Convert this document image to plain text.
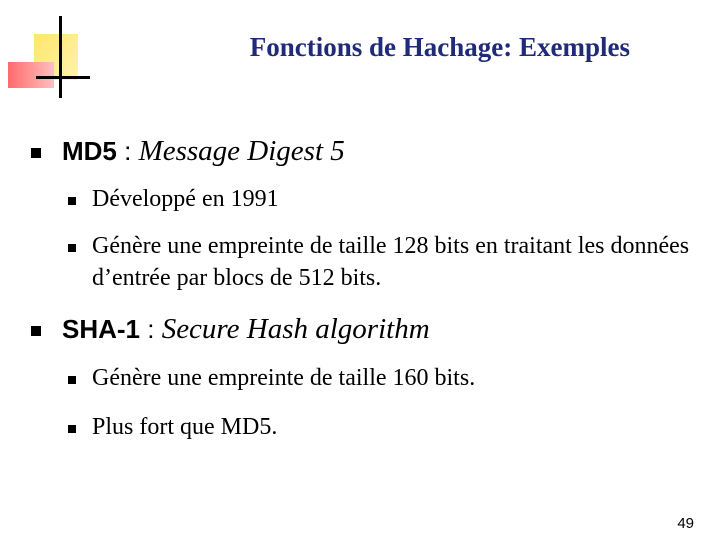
Fonctions de Hachage: Exemples
MD5 : Message Digest 5
Développé en 1991
Génère une empreinte de taille 128 bits en traitant les données d’entrée par blocs de 512 bits.
SHA-1 : Secure Hash algorithm
Génère une empreinte de taille 160 bits.
Plus fort que MD5.
49
